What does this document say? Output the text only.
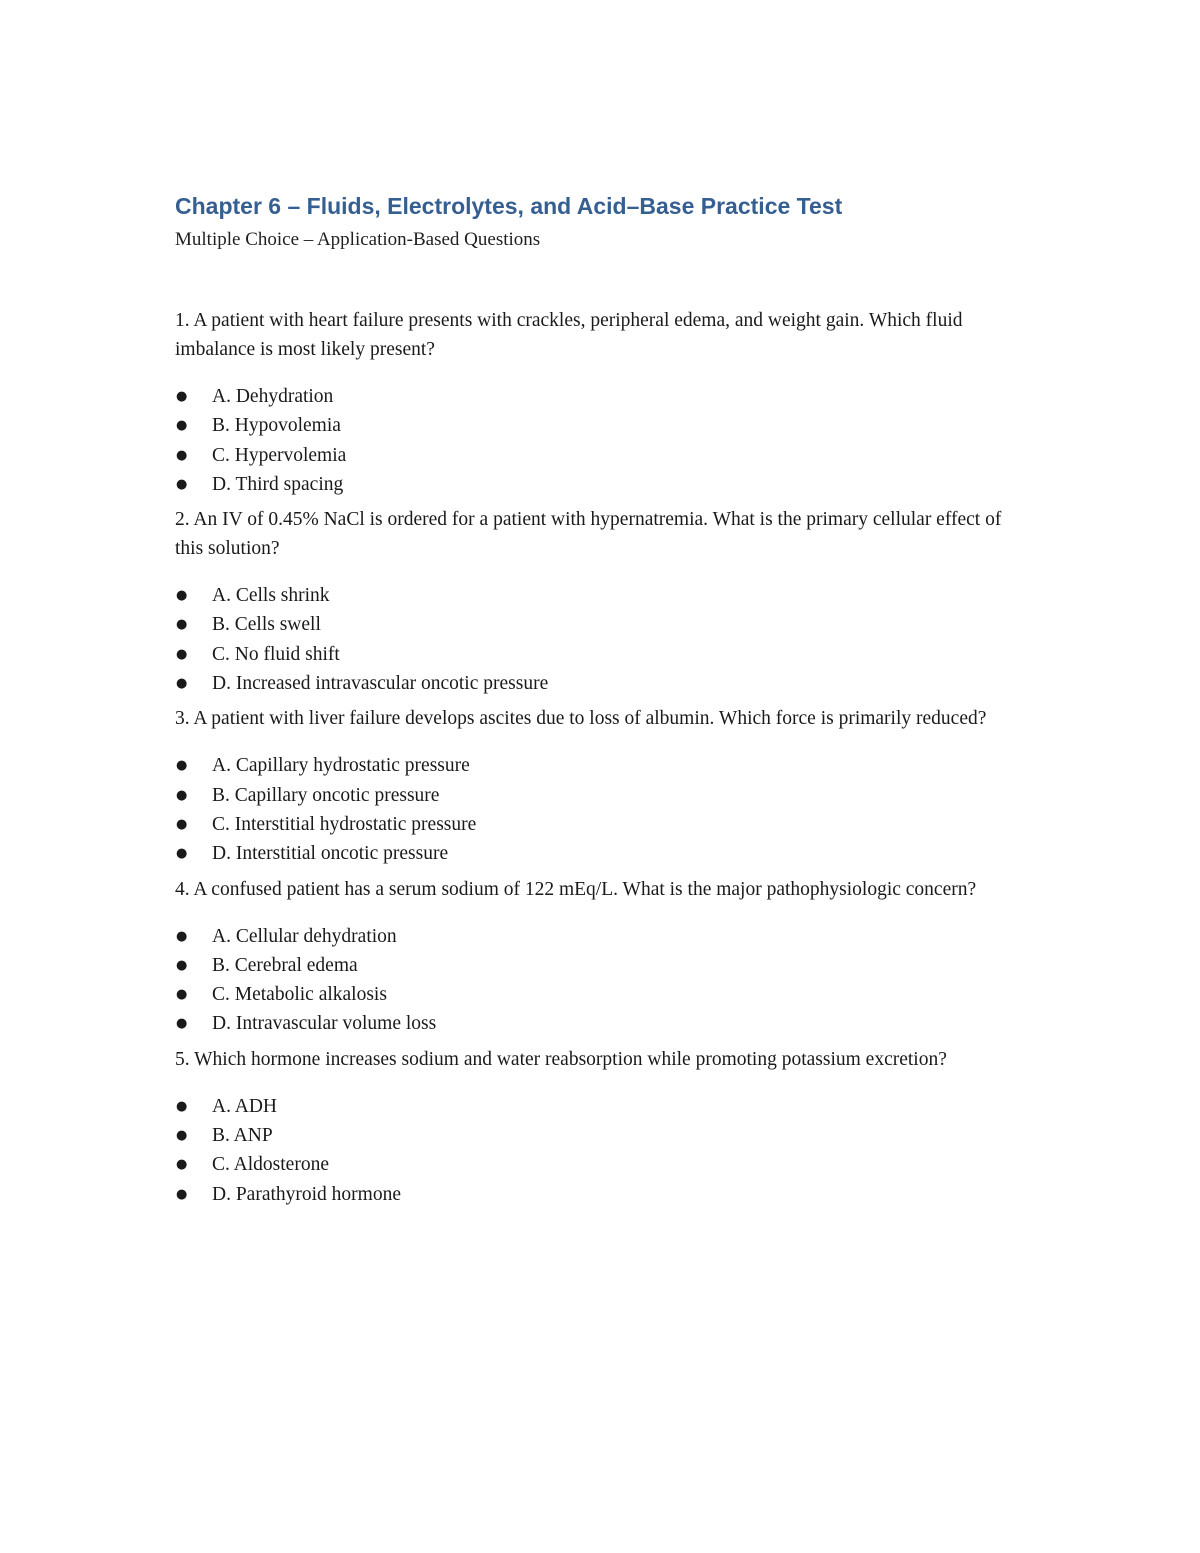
Chapter 6 – Fluids, Electrolytes, and Acid–Base Practice Test

Multiple Choice – Application-Based Questions

1. A patient with heart failure presents with crackles, peripheral edema, and weight gain. Which fluid imbalance is most likely present?

● A. Dehydration
● B. Hypovolemia
● C. Hypervolemia
● D. Third spacing

2. An IV of 0.45% NaCl is ordered for a patient with hypernatremia. What is the primary cellular effect of this solution?

● A. Cells shrink
● B. Cells swell
● C. No fluid shift
● D. Increased intravascular oncotic pressure

3. A patient with liver failure develops ascites due to loss of albumin. Which force is primarily reduced?

● A. Capillary hydrostatic pressure
● B. Capillary oncotic pressure
● C. Interstitial hydrostatic pressure
● D. Interstitial oncotic pressure

4. A confused patient has a serum sodium of 122 mEq/L. What is the major pathophysiologic concern?

● A. Cellular dehydration
● B. Cerebral edema
● C. Metabolic alkalosis
● D. Intravascular volume loss

5. Which hormone increases sodium and water reabsorption while promoting potassium excretion?

● A. ADH
● B. ANP
● C. Aldosterone
● D. Parathyroid hormone
